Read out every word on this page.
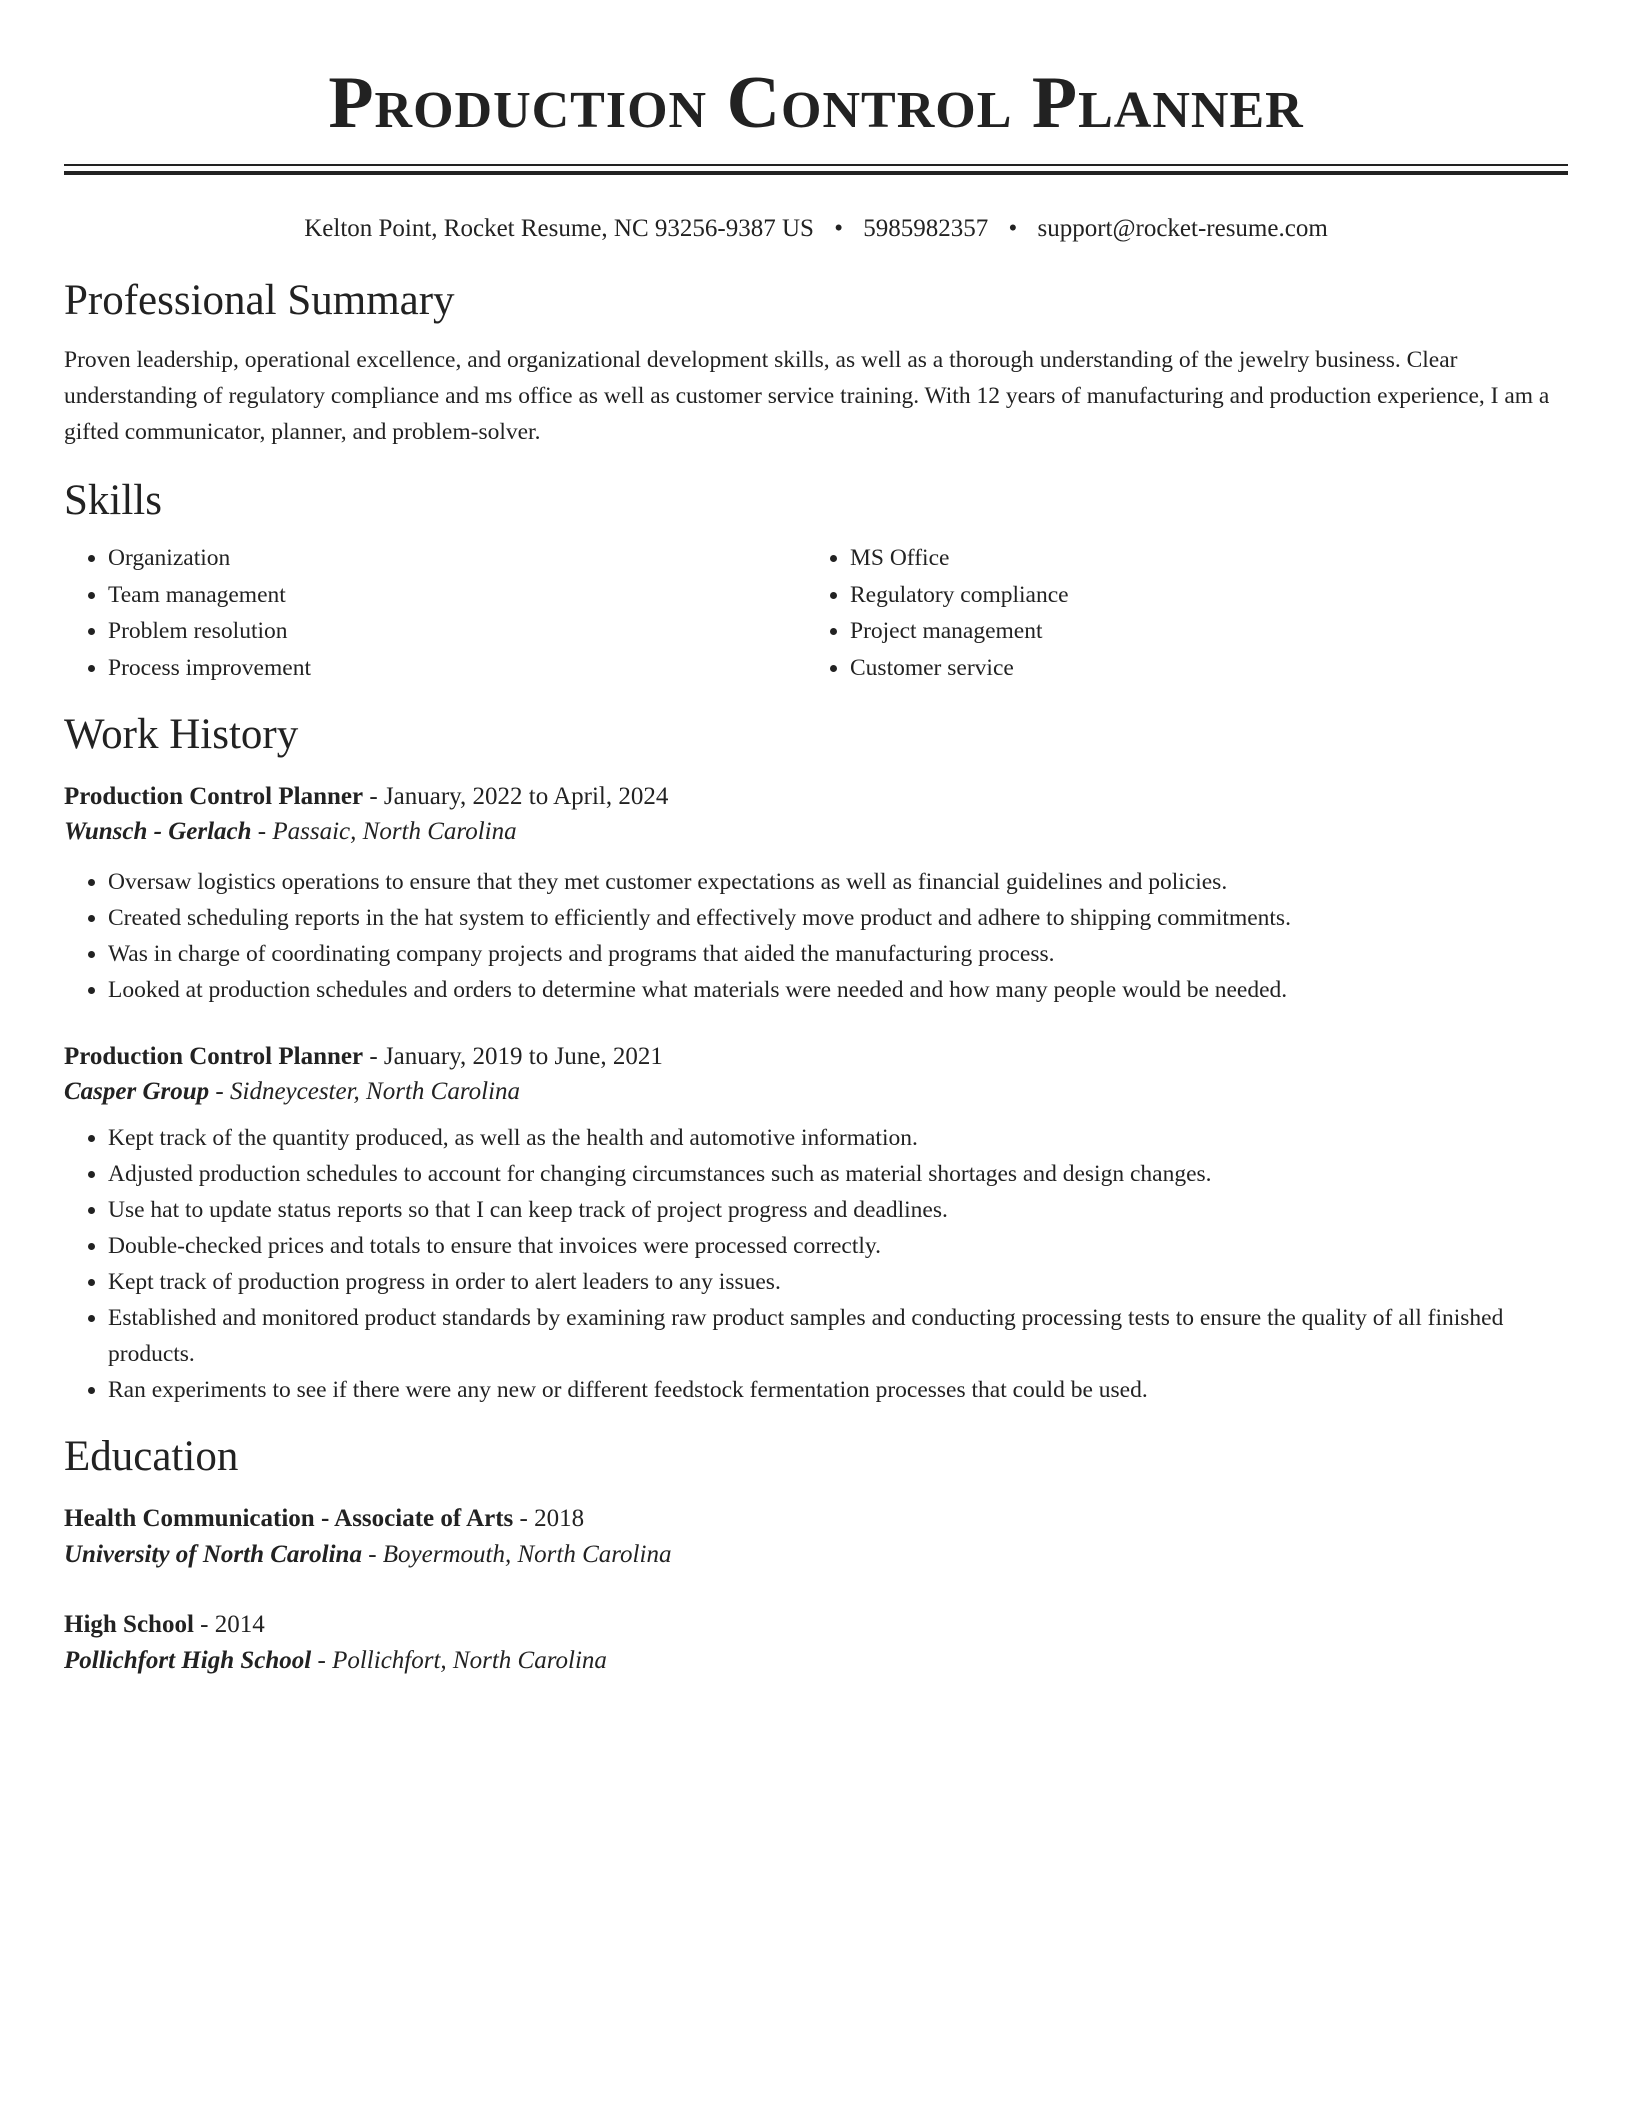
Production Control Planner
Kelton Point, Rocket Resume, NC 93256-9387 US • 5985982357 • support@rocket-resume.com
Professional Summary

Proven leadership, operational excellence, and organizational development skills, as well as a thorough understanding of the jewelry business. Clear understanding of regulatory compliance and ms office as well as customer service training. With 12 years of manufacturing and production experience, I am a gifted communicator, planner, and problem-solver.

Skills
• Organization
• Team management
• Problem resolution
• Process improvement
• MS Office
• Regulatory compliance
• Project management
• Customer service
Work History
Production Control Planner - January, 2022 to April, 2024
Wunsch - Gerlach - Passaic, North Carolina
• Oversaw logistics operations to ensure that they met customer expectations as well as financial guidelines and policies.
• Created scheduling reports in the hat system to efficiently and effectively move product and adhere to shipping commitments.
• Was in charge of coordinating company projects and programs that aided the manufacturing process.
• Looked at production schedules and orders to determine what materials were needed and how many people would be needed.
Production Control Planner - January, 2019 to June, 2021
Casper Group - Sidneycester, North Carolina
• Kept track of the quantity produced, as well as the health and automotive information.
• Adjusted production schedules to account for changing circumstances such as material shortages and design changes.
• Use hat to update status reports so that I can keep track of project progress and deadlines.
• Double-checked prices and totals to ensure that invoices were processed correctly.
• Kept track of production progress in order to alert leaders to any issues.
• Established and monitored product standards by examining raw product samples and conducting processing tests to ensure the quality of all finished products.
• Ran experiments to see if there were any new or different feedstock fermentation processes that could be used.
Education
Health Communication - Associate of Arts - 2018
University of North Carolina - Boyermouth, North Carolina
High School - 2014
Pollichfort High School - Pollichfort, North Carolina
